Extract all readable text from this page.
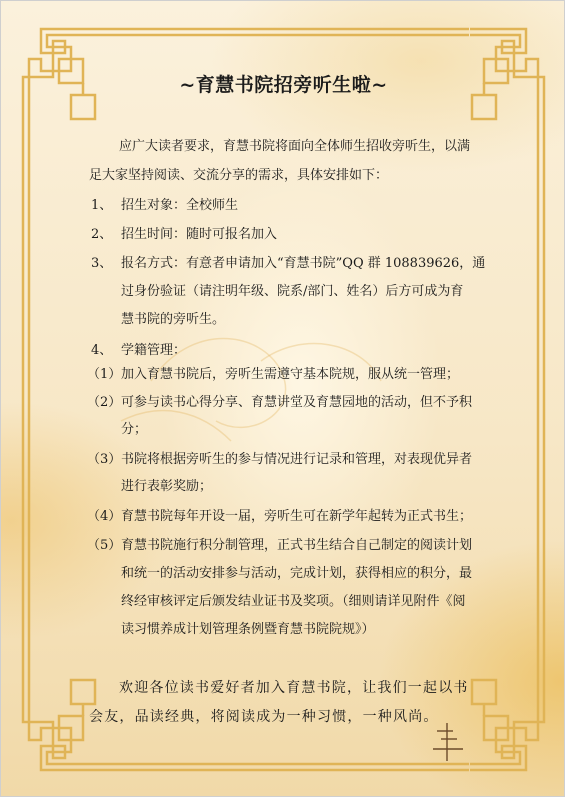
~育慧书院招旁听生啦~
应广大读者要求，育慧书院将面向全体师生招收旁听生，以满
足大家坚持阅读、交流分享的需求，具体安排如下：
1、 招生对象：全校师生
2、 招生时间：随时可报名加入
3、 报名方式：有意者申请加入“育慧书院”QQ 群 108839626，通
过身份验证（请注明年级、院系/部门、姓名）后方可成为育
慧书院的旁听生。
4、 学籍管理：
（1） 加入育慧书院后，旁听生需遵守基本院规，服从统一管理；
（2） 可参与读书心得分享、育慧讲堂及育慧园地的活动，但不予积
分；
（3） 书院将根据旁听生的参与情况进行记录和管理，对表现优异者
进行表彰奖励；
（4） 育慧书院每年开设一届，旁听生可在新学年起转为正式书生；
（5） 育慧书院施行积分制管理，正式书生结合自己制定的阅读计划
和统一的活动安排参与活动，完成计划，获得相应的积分，最
终经审核评定后颁发结业证书及奖项。（细则请详见附件《阅
读习惯养成计划管理条例暨育慧书院院规》）
欢迎各位读书爱好者加入育慧书院，让我们一起以书
会友，品读经典，将阅读成为一种习惯，一种风尚。
